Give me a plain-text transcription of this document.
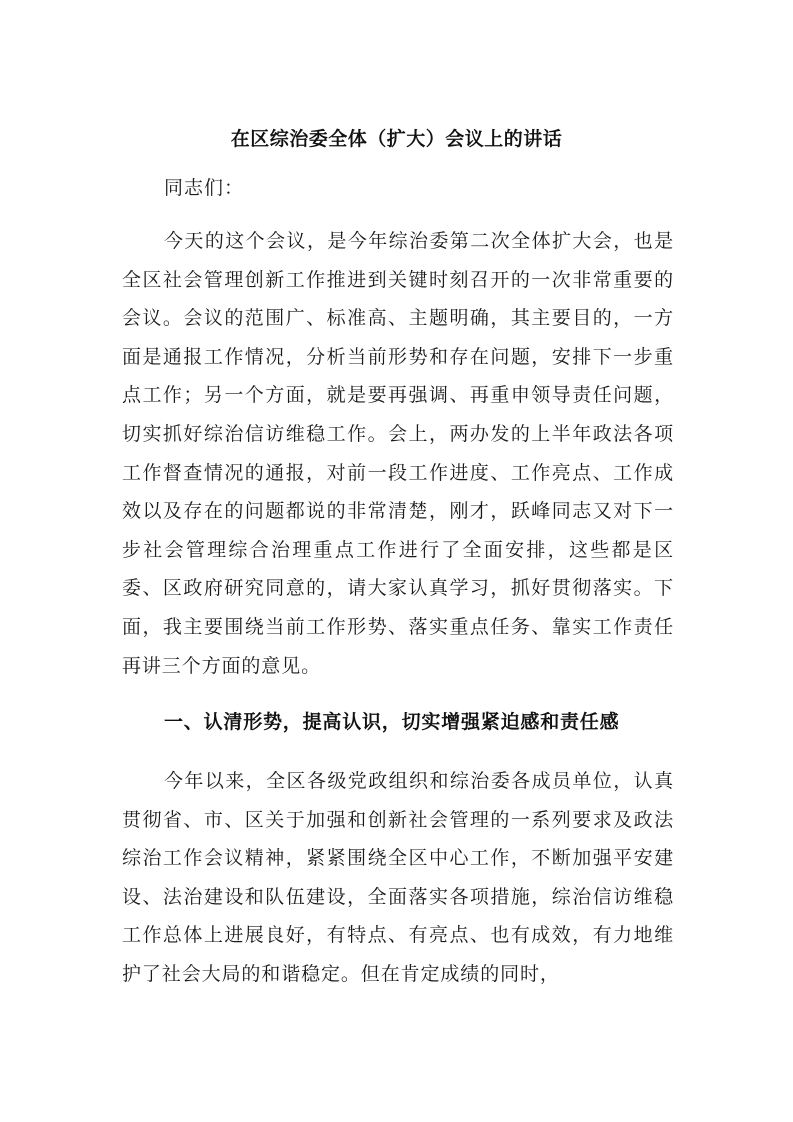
在区综治委全体（扩大）会议上的讲话
同志们：

今天的这个会议，是今年综治委第二次全体扩大会，也是全区社会管理创新工作推进到关键时刻召开的一次非常重要的会议。会议的范围广、标准高、主题明确，其主要目的，一方面是通报工作情况，分析当前形势和存在问题，安排下一步重点工作；另一个方面，就是要再强调、再重申领导责任问题，切实抓好综治信访维稳工作。会上，两办发的上半年政法各项工作督查情况的通报，对前一段工作进度、工作亮点、工作成效以及存在的问题都说的非常清楚，刚才，跃峰同志又对下一步社会管理综合治理重点工作进行了全面安排，这些都是区委、区政府研究同意的，请大家认真学习，抓好贯彻落实。下面，我主要围绕当前工作形势、落实重点任务、靠实工作责任再讲三个方面的意见。

一、认清形势，提高认识，切实增强紧迫感和责任感

今年以来，全区各级党政组织和综治委各成员单位，认真贯彻省、市、区关于加强和创新社会管理的一系列要求及政法综治工作会议精神，紧紧围绕全区中心工作，不断加强平安建设、法治建设和队伍建设，全面落实各项措施，综治信访维稳工作总体上进展良好，有特点、有亮点、也有成效，有力地维护了社会大局的和谐稳定。但在肯定成绩的同时，
